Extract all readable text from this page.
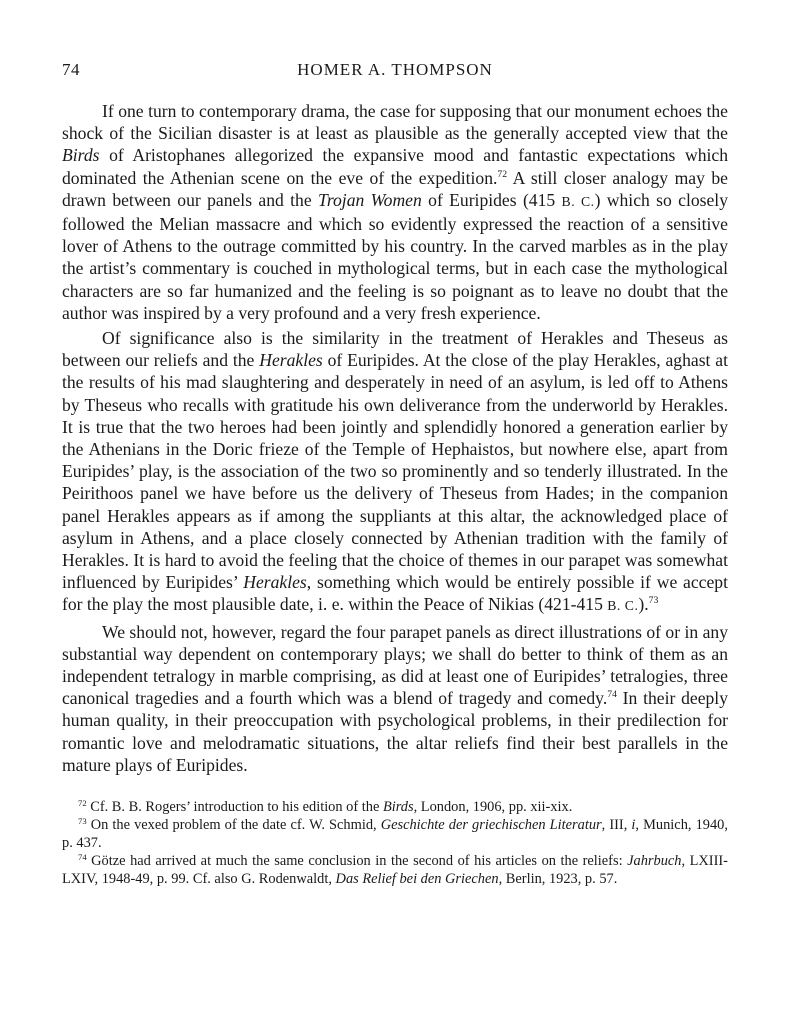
74	HOMER A. THOMPSON

If one turn to contemporary drama, the case for supposing that our monument echoes the shock of the Sicilian disaster is at least as plausible as the generally accepted view that the Birds of Aristophanes allegorized the expansive mood and fantastic expectations which dominated the Athenian scene on the eve of the expedition.$^{72}$ A still closer analogy may be drawn between our panels and the Trojan Women of Euripides (415 B. C.) which so closely followed the Melian massacre and which so evidently expressed the reaction of a sensitive lover of Athens to the outrage committed by his country. In the carved marbles as in the play the artist’s commentary is couched in mythological terms, but in each case the mythological characters are so far humanized and the feeling is so poignant as to leave no doubt that the author was inspired by a very profound and a very fresh experience.

Of significance also is the similarity in the treatment of Herakles and Theseus as between our reliefs and the Herakles of Euripides. At the close of the play Herakles, aghast at the results of his mad slaughtering and desperately in need of an asylum, is led off to Athens by Theseus who recalls with gratitude his own deliverance from the underworld by Herakles. It is true that the two heroes had been jointly and splendidly honored a generation earlier by the Athenians in the Doric frieze of the Temple of Hephaistos, but nowhere else, apart from Euripides’ play, is the association of the two so prominently and so tenderly illustrated. In the Peirithoos panel we have before us the delivery of Theseus from Hades; in the companion panel Herakles appears as if among the suppliants at this altar, the acknowledged place of asylum in Athens, and a place closely connected by Athenian tradition with the family of Herakles. It is hard to avoid the feeling that the choice of themes in our parapet was somewhat influenced by Euripides’ Herakles, something which would be entirely possible if we accept for the play the most plausible date, i. e. within the Peace of Nikias (421-415 B. C.).$^{73}$

We should not, however, regard the four parapet panels as direct illustrations of or in any substantial way dependent on contemporary plays; we shall do better to think of them as an independent tetralogy in marble comprising, as did at least one of Euripides’ tetralogies, three canonical tragedies and a fourth which was a blend of tragedy and comedy.$^{74}$ In their deeply human quality, in their preoccupation with psychological problems, in their predilection for romantic love and melodramatic situations, the altar reliefs find their best parallels in the mature plays of Euripides.

$^{72}$ Cf. B. B. Rogers’ introduction to his edition of the Birds, London, 1906, pp. xii-xix.

$^{73}$ On the vexed problem of the date cf. W. Schmid, Geschichte der griechischen Literatur, III, i, Munich, 1940, p. 437.

$^{74}$ Götze had arrived at much the same conclusion in the second of his articles on the reliefs: Jahrbuch, LXIII-LXIV, 1948-49, p. 99. Cf. also G. Rodenwaldt, Das Relief bei den Griechen, Berlin, 1923, p. 57.
